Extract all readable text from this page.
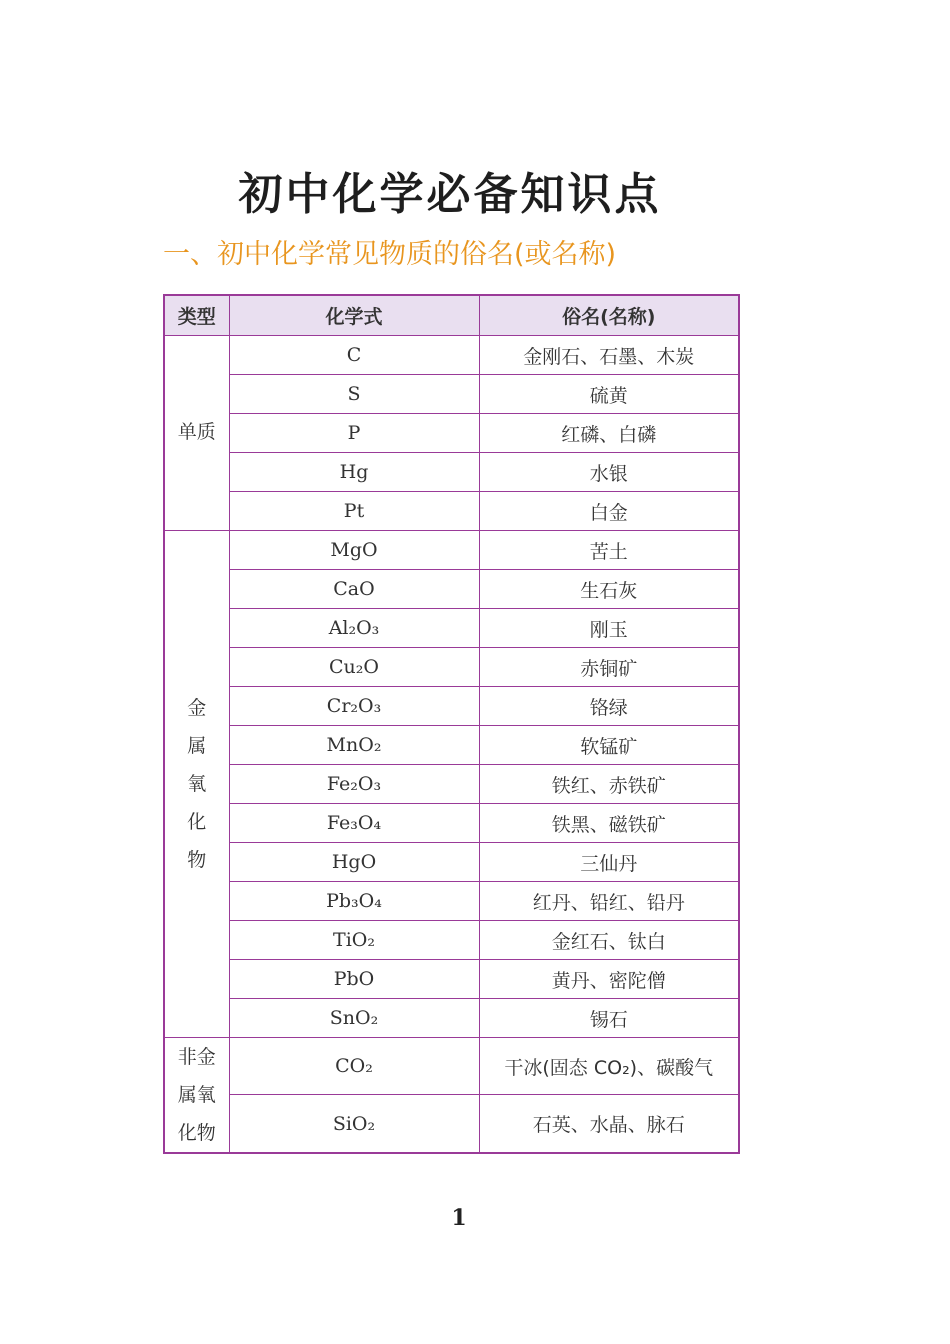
初中化学必备知识点
一、初中化学常见物质的俗名(或名称)
类型	化学式	俗名(名称)
单质	C	金刚石、石墨、木炭
	S	硫黄
	P	红磷、白磷
	Hg	水银
	Pt	白金
金属氧化物	MgO	苦土
	CaO	生石灰
	Al₂O₃	刚玉
	Cu₂O	赤铜矿
	Cr₂O₃	铬绿
	MnO₂	软锰矿
	Fe₂O₃	铁红、赤铁矿
	Fe₃O₄	铁黑、磁铁矿
	HgO	三仙丹
	Pb₃O₄	红丹、铅红、铅丹
	TiO₂	金红石、钛白
	PbO	黄丹、密陀僧
	SnO₂	锡石
非金属氧化物	CO₂	干冰(固态 CO₂)、碳酸气
	SiO₂	石英、水晶、脉石
1
